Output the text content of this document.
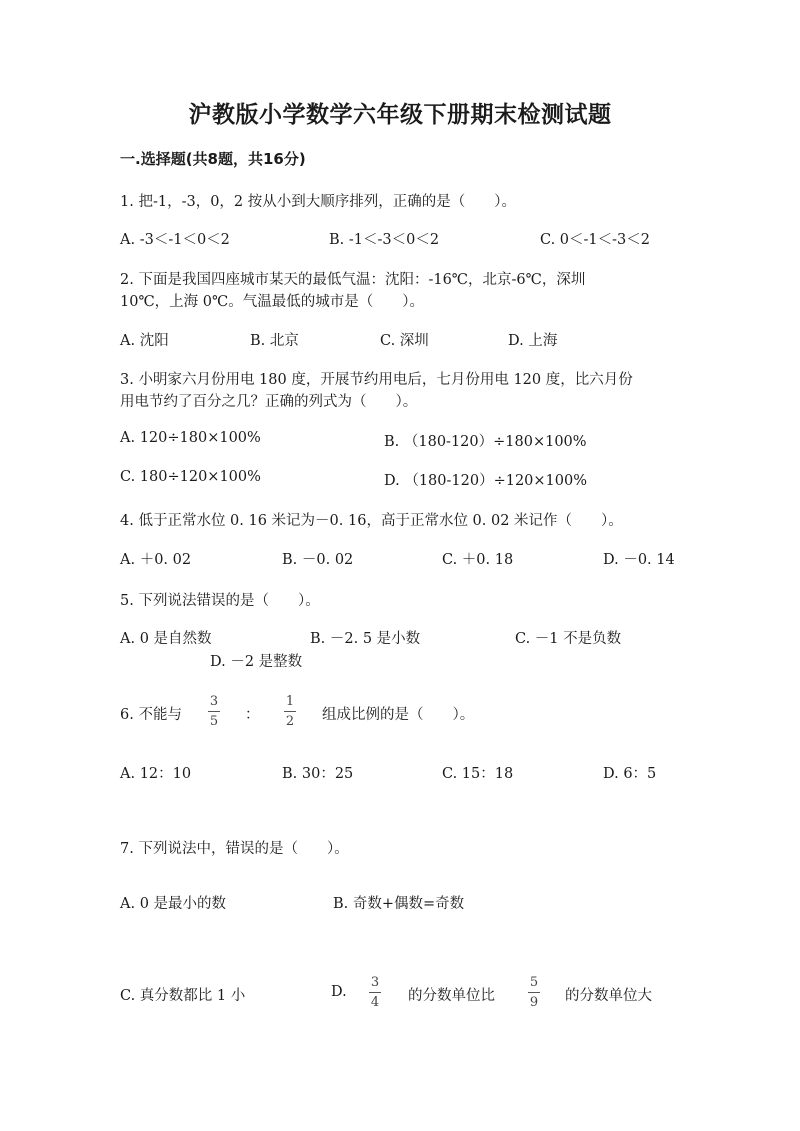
沪教版小学数学六年级下册期末检测试题
一.选择题(共8题，共16分)
1. 把-1，-3，0，2 按从小到大顺序排列，正确的是（　　）。
A. -3＜-1＜0＜2	B. -1＜-3＜0＜2	C. 0＜-1＜-3＜2
2. 下面是我国四座城市某天的最低气温：沈阳：-16℃，北京-6℃，深圳
10℃，上海 0℃。气温最低的城市是（　　）。
A. 沈阳	B. 北京	C. 深圳	D. 上海
3. 小明家六月份用电 180 度，开展节约用电后，七月份用电 120 度，比六月份
用电节约了百分之几？正确的列式为（　　）。
A. 120÷180×100%	B. （180-120）÷180×100%
C. 180÷120×100%	D. （180-120）÷120×100%
4. 低于正常水位 0. 16 米记为－0. 16，高于正常水位 0. 02 米记作（　　）。
A. ＋0. 02	B. －0. 02	C. ＋0. 18	D. －0. 14
5. 下列说法错误的是（　　）。
A. 0 是自然数	B. －2. 5 是小数	C. －1 不是负数
D. －2 是整数
6. 不能与
3
5 ：
1
2 组成比例的是（　　）。
A. 12：10	B. 30：25	C. 15：18	D. 6：5
7. 下列说法中，错误的是（　　）。
A. 0 是最小的数	B. 奇数+偶数=奇数
C. 真分数都比 1 小	D.
3
4 的分数单位比
5
9 的分数单位大
